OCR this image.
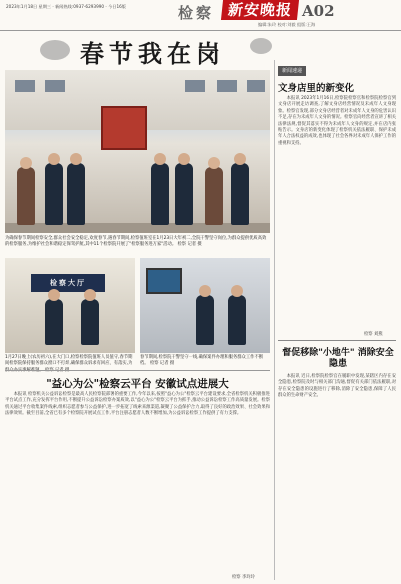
2023年1月18日 星期三 · 新闻热线:0937-6293990 · 今日16版	检察 新安晚报 A02
编辑:朱玲 校对:刘毅 组版:王海
春节我在岗
为确保春节期间检察安全,群众社会安全稳定,欢度春节,遇春节期间,检察值班室在1月23日大年初二,全院干警坚守岗位,为群众提供优质高效的检察服务,为维护社会和谐稳定保驾护航,其中11个检察院开展了"检察服务进万家"活动。 检察 记者 摄
检察大厅
1月27日晚上(农历初六),在大门口,检察检察院值班人员值守,春节期间检察院保持服务群众窗口不打烊,确保群众诉求有回应、有落实,为
春节期间,检察院干警坚守一线,确保案件办理和服务群众工作不断档。 检察 记者 摄
"益心为公"检察云平台 安徽试点进展大

本报讯 检察机关公益诉讼检察是最高人民检察院部署的重要工作,今年以来,按照"益心为公"检察云平台建设要求,全省检察机关积极推进平台试点工作,充分发挥平台作用,不断提升公益诉讼检察办案质效,以"益心为公"检察云平台为抓手,推动公益诉讼检察工作高质量发展。检察机关通过平台收集案件线索,组织志愿者参与公益保护,进一步拓宽了线索来源渠道,凝聚了公益保护合力,取得了良好的政治效果、社会效果和法律效果。截至目前,全省已有多个检察院开展试点工作,平台注册志愿者人数不断增加,为公益诉讼检察工作提供了有力支撑。

检察 李玲玲
新闻速递
文身店里的新变化

本报讯 2023年1月16日,检察院检察官和检察院检察官到文身店开展走访调查,了解文身店经营情况及未成年人文身现象。检察官发现,部分文身店经营者对未成年人文身的危害认识不足,存在为未成年人文身的情况。检察官向经营者宣讲了相关法律法规,督促其落实不得为未成年人文身的规定,并在店内张贴告示。文身店的新变化体现了检察机关依法履职、保护未成年人合法权益的成效,也体现了社会各界对未成年人保护工作的重视和支持。

检察 刘燕
督促移除"小地牛" 消除安全隐患

本报讯 近日,检察院检察官在履职中发现,某辖区内存在安全隐患,检察院及时与相关部门沟通,督促有关部门依法履职,对存在安全隐患的设施进行了移除,消除了安全隐患,保障了人民群众的生命财产安全。
